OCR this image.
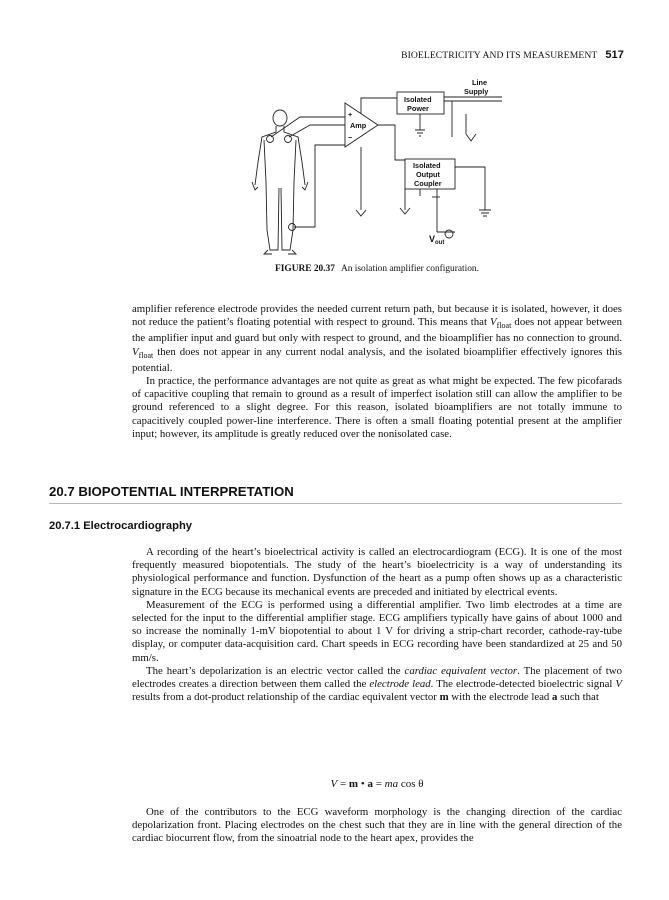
BIOELECTRICITY AND ITS MEASUREMENT 517
Line
Supply
Isolated
Power
Amp
+
−
Isolated
Output
Coupler
$V_{out}$
FIGURE 20.37 An isolation amplifier configuration.

amplifier reference electrode provides the needed current return path, but because it is isolated, however, it does not reduce the patient’s floating potential with respect to ground. This means that $V_{float}$ does not appear between the amplifier input and guard but only with respect to ground, and the bioamplifier has no connection to ground. $V_{float}$ then does not appear in any current nodal analysis, and the isolated bioamplifier effectively ignores this potential.

In practice, the performance advantages are not quite as great as what might be expected. The few picofarads of capacitive coupling that remain to ground as a result of imperfect isolation still can allow the amplifier to be ground referenced to a slight degree. For this reason, isolated bioamplifiers are not totally immune to capacitively coupled power-line interference. There is often a small floating potential present at the amplifier input; however, its amplitude is greatly reduced over the nonisolated case.

20.7 BIOPOTENTIAL INTERPRETATION
20.7.1 Electrocardiography

A recording of the heart’s bioelectrical activity is called an electrocardiogram (ECG). It is one of the most frequently measured biopotentials. The study of the heart’s bioelectricity is a way of understanding its physiological performance and function. Dysfunction of the heart as a pump often shows up as a characteristic signature in the ECG because its mechanical events are preceded and initiated by electrical events.

Measurement of the ECG is performed using a differential amplifier. Two limb electrodes at a time are selected for the input to the differential amplifier stage. ECG amplifiers typically have gains of about 1000 and so increase the nominally 1-mV biopotential to about 1 V for driving a strip-chart recorder, cathode-ray-tube display, or computer data-acquisition card. Chart speeds in ECG recording have been standardized at 25 and 50 mm/s.

The heart’s depolarization is an electric vector called the cardiac equivalent vector. The placement of two electrodes creates a direction between them called the electrode lead. The electrode-detected bioelectric signal V results from a dot-product relationship of the cardiac equivalent vector m with the electrode lead a such that

V = m • a = ma cos θ

One of the contributors to the ECG waveform morphology is the changing direction of the cardiac depolarization front. Placing electrodes on the chest such that they are in line with the general direction of the cardiac biocurrent flow, from the sinoatrial node to the heart apex, provides the
